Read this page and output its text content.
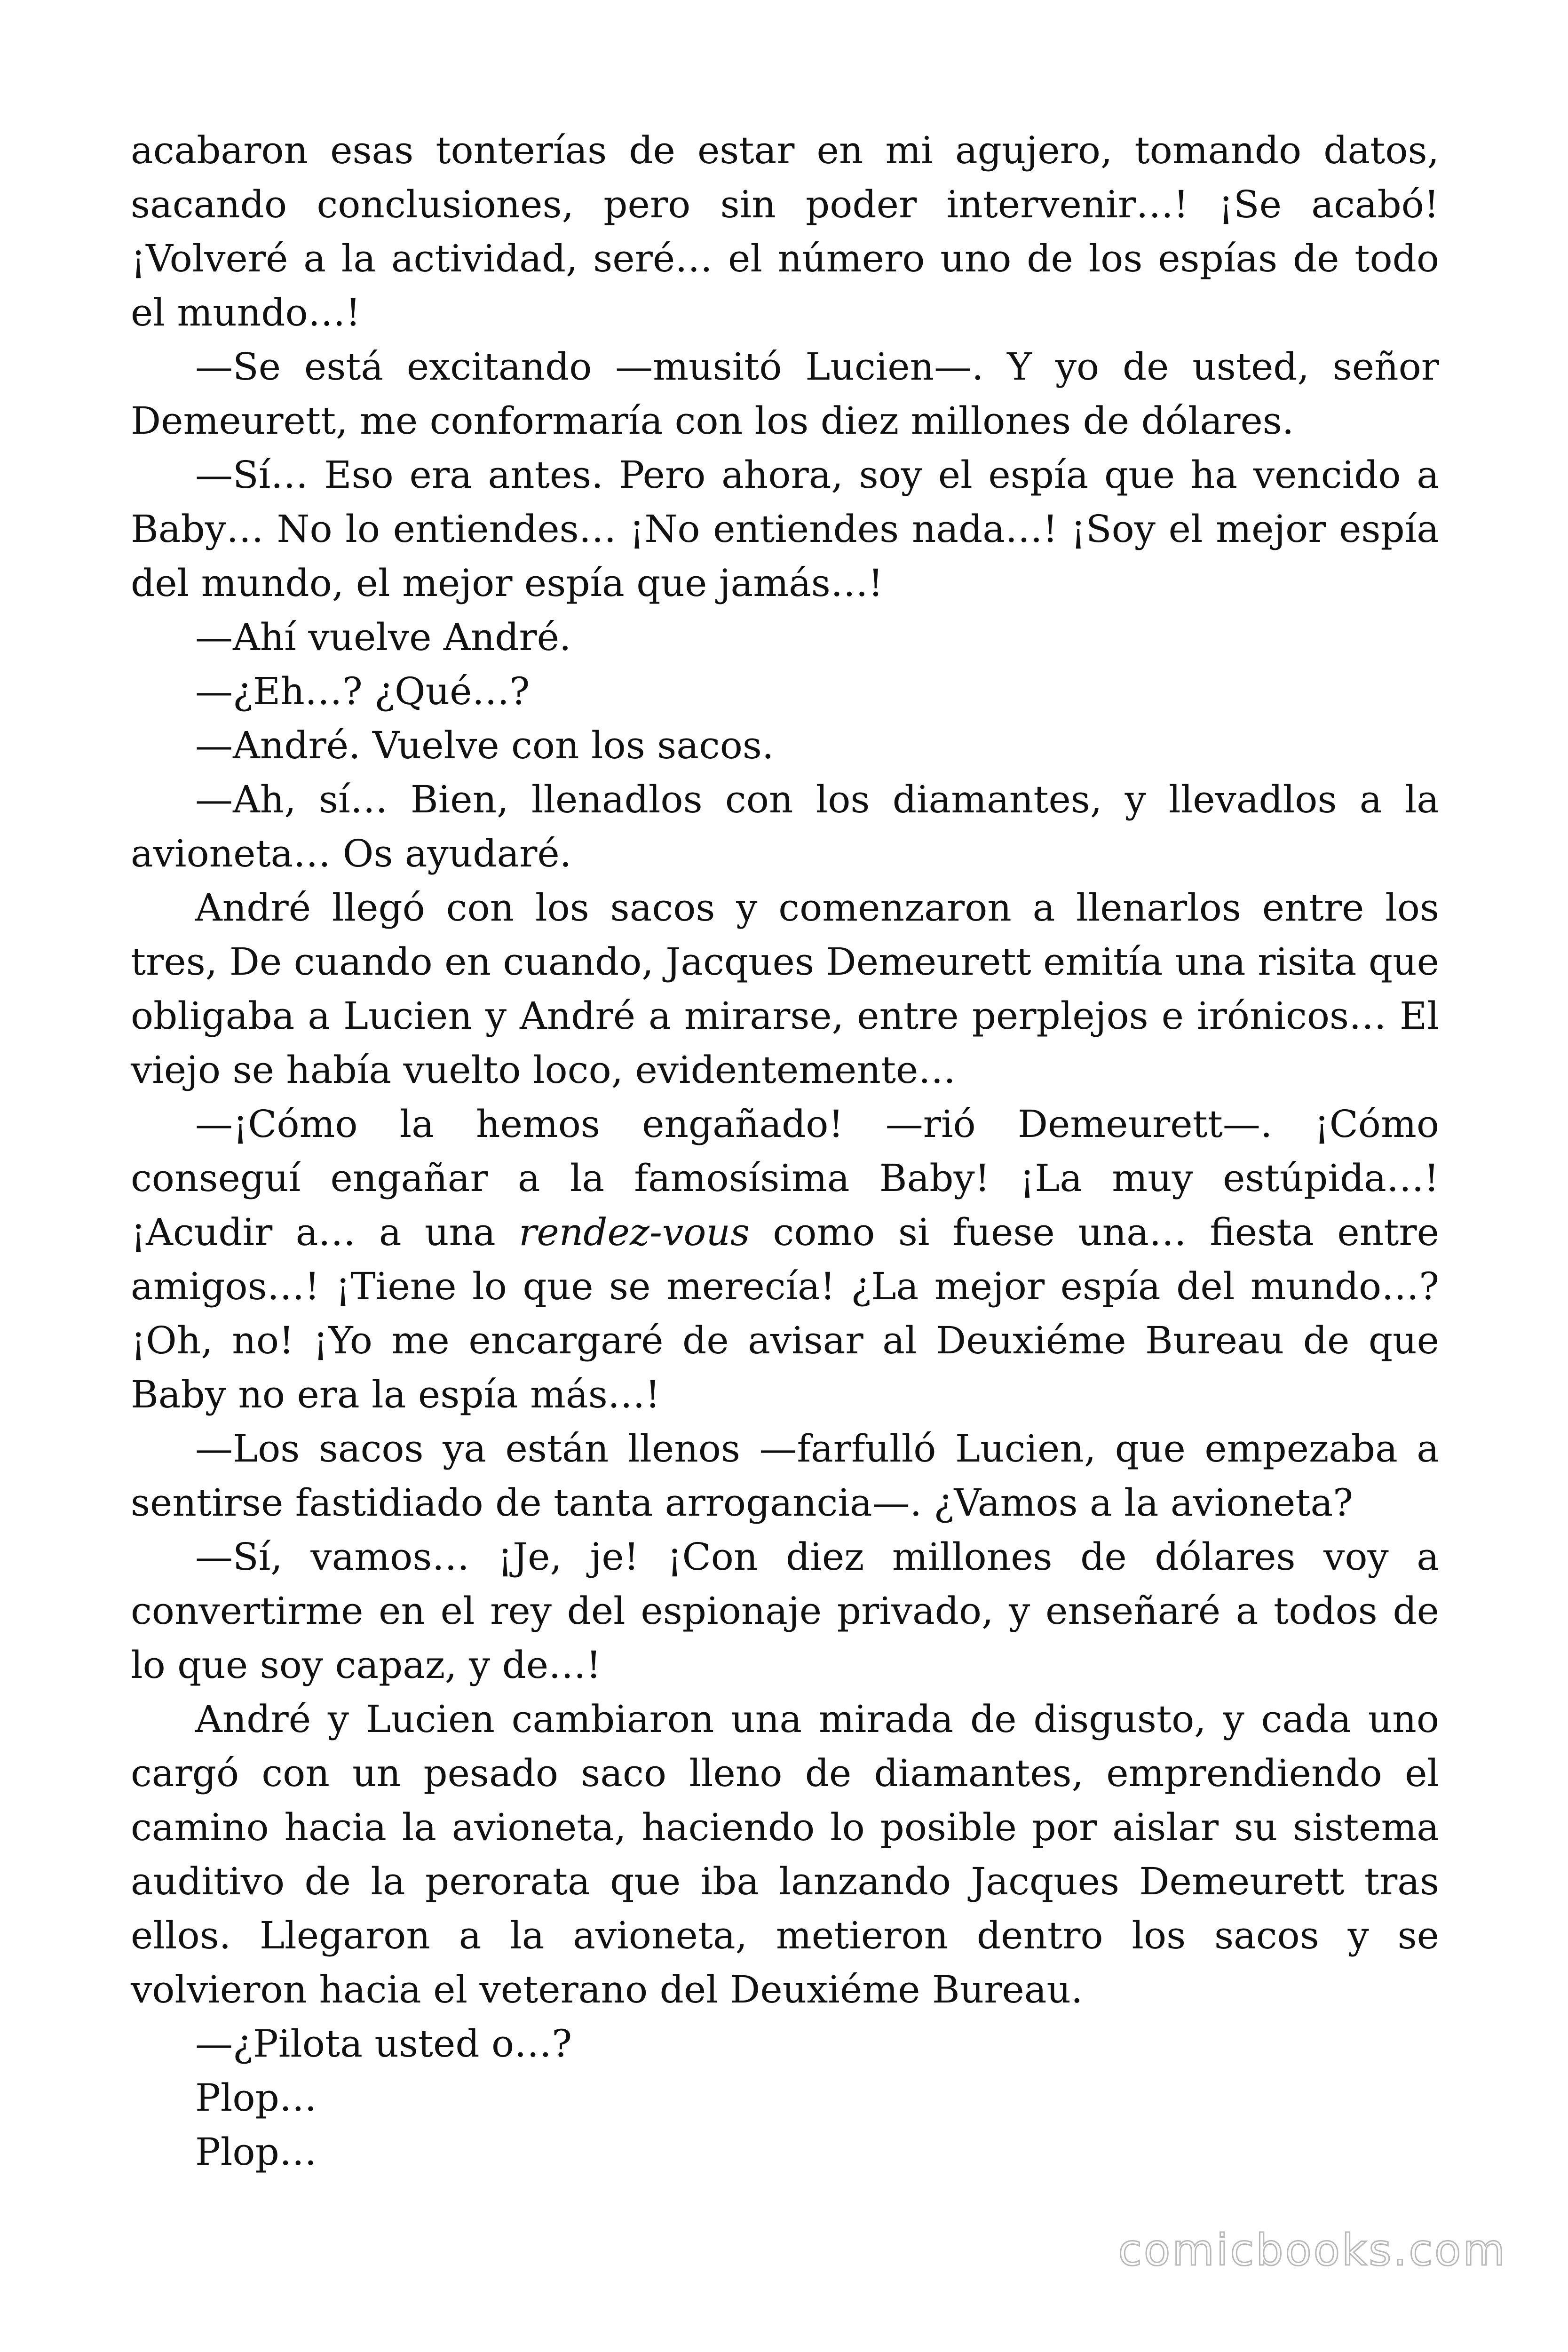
acabaron esas tonterías de estar en mi agujero, tomando datos, sacando conclusiones, pero sin poder intervenir…! ¡Se acabó! ¡Volveré a la actividad, seré… el número uno de los espías de todo el mundo…!

—Se está excitando —musitó Lucien—. Y yo de usted, señor Demeurett, me conformaría con los diez millones de dólares.

—Sí… Eso era antes. Pero ahora, soy el espía que ha vencido a Baby… No lo entiendes… ¡No entiendes nada…! ¡Soy el mejor espía del mundo, el mejor espía que jamás…!

—Ahí vuelve André.

—¿Eh…? ¿Qué…?

—André. Vuelve con los sacos.

—Ah, sí… Bien, llenadlos con los diamantes, y llevadlos a la avioneta… Os ayudaré.

André llegó con los sacos y comenzaron a llenarlos entre los tres, De cuando en cuando, Jacques Demeurett emitía una risita que obligaba a Lucien y André a mirarse, entre perplejos e irónicos… El viejo se había vuelto loco, evidentemente…

—¡Cómo la hemos engañado! —rió Demeurett—. ¡Cómo conseguí engañar a la famosísima Baby! ¡La muy estúpida…! ¡Acudir a… a una rendez-vous como si fuese una… fiesta entre amigos…! ¡Tiene lo que se merecía! ¿La mejor espía del mundo…? ¡Oh, no! ¡Yo me encargaré de avisar al Deuxiéme Bureau de que Baby no era la espía más…!

—Los sacos ya están llenos —farfulló Lucien, que empezaba a sentirse fastidiado de tanta arrogancia—. ¿Vamos a la avioneta?

—Sí, vamos… ¡Je, je! ¡Con diez millones de dólares voy a convertirme en el rey del espionaje privado, y enseñaré a todos de lo que soy capaz, y de…!

André y Lucien cambiaron una mirada de disgusto, y cada uno cargó con un pesado saco lleno de diamantes, emprendiendo el camino hacia la avioneta, haciendo lo posible por aislar su sistema auditivo de la perorata que iba lanzando Jacques Demeurett tras ellos. Llegaron a la avioneta, metieron dentro los sacos y se volvieron hacia el veterano del Deuxiéme Bureau.

—¿Pilota usted o…?

Plop…

Plop…

comicbooks.com
